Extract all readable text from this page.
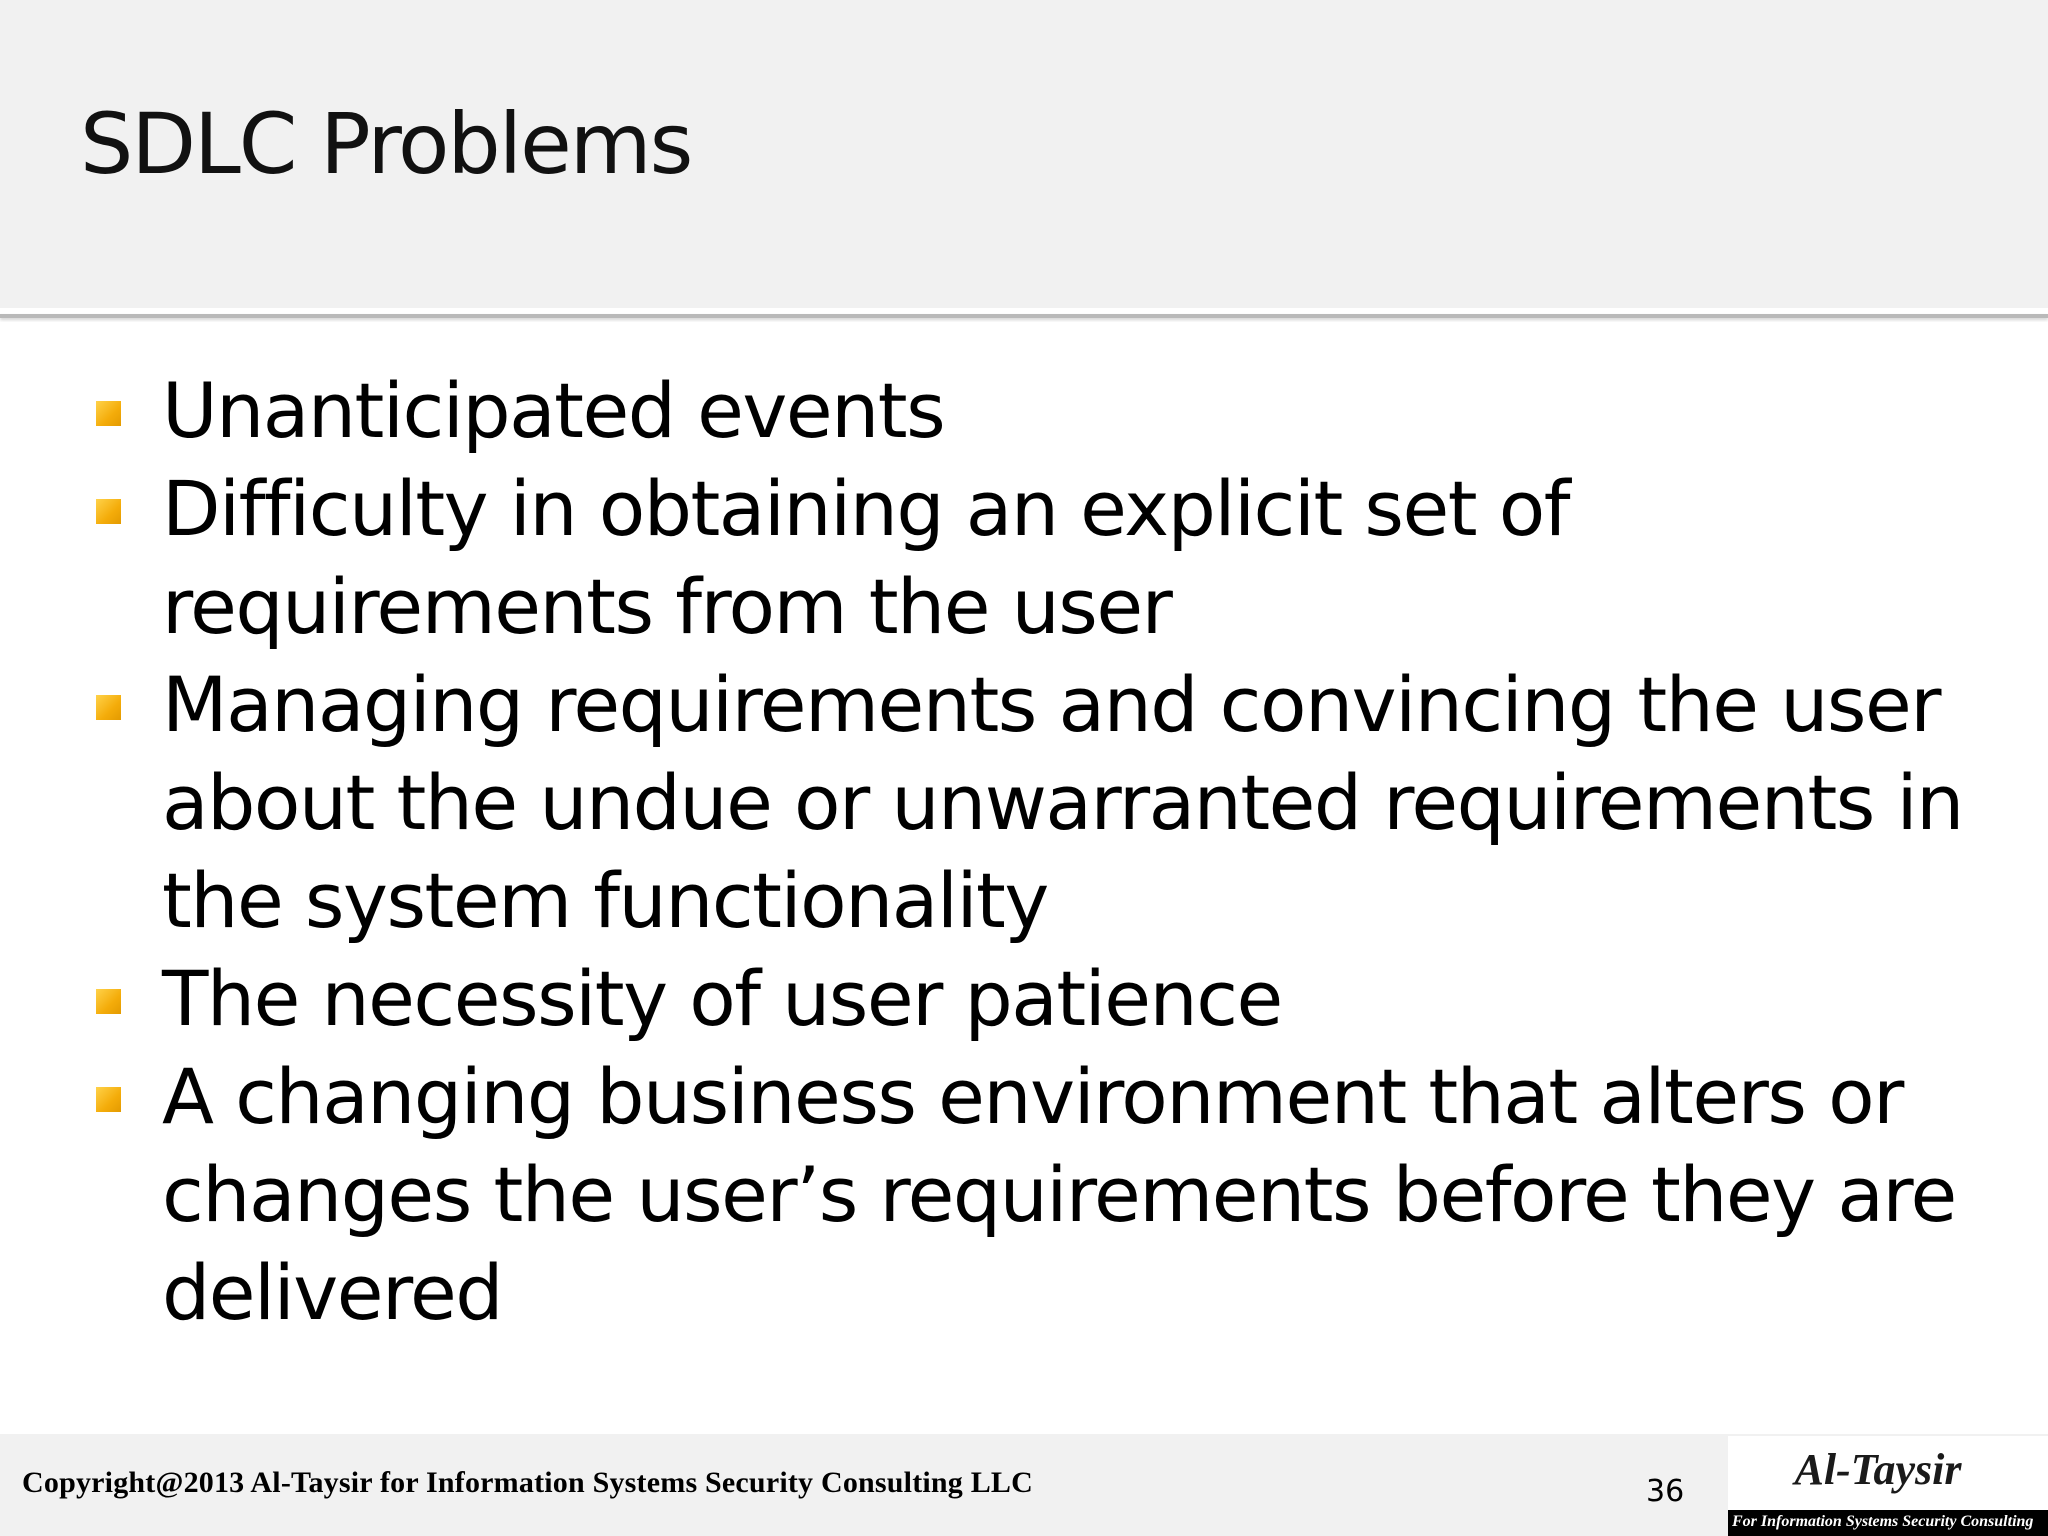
SDLC Problems
Unanticipated events
Difficulty in obtaining an explicit set of requirements from the user
Managing requirements and convincing the user about the undue or unwarranted requirements in the system functionality
The necessity of user patience
A changing business environment that alters or changes the user’s requirements before they are delivered
Copyright@2013 Al-Taysir for Information Systems Security Consulting LLC	36	Al-Taysir
For Information Systems Security Consulting
